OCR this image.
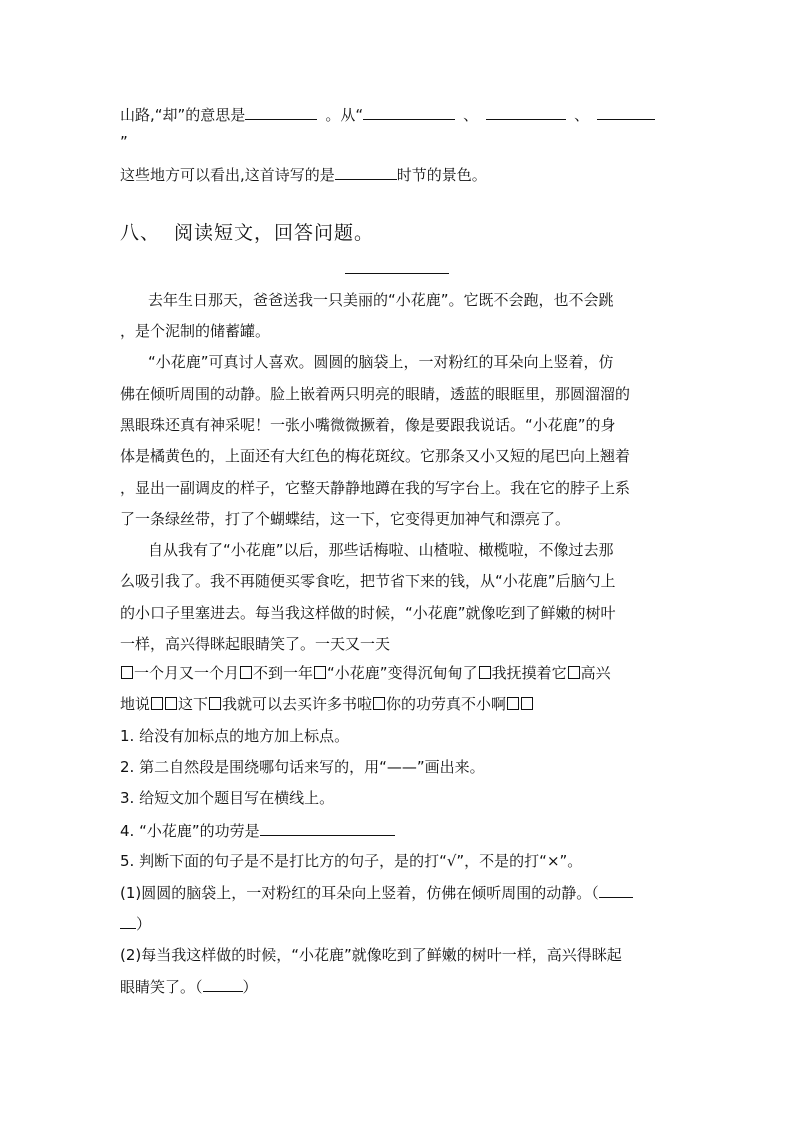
山路,“却”的意思是	。从“	、	、
”
这些地方可以看出,这首诗写的是	时节的景色。
八、 阅读短文，回答问题。
去年生日那天，爸爸送我一只美丽的“小花鹿”。它既不会跑，也不会跳
，是个泥制的储蓄罐。
“小花鹿”可真讨人喜欢。圆圆的脑袋上，一对粉红的耳朵向上竖着，仿
佛在倾听周围的动静。脸上嵌着两只明亮的眼睛，透蓝的眼眶里，那圆溜溜的
黑眼珠还真有神采呢！一张小嘴微微撅着，像是要跟我说话。“小花鹿”的身
体是橘黄色的，上面还有大红色的梅花斑纹。它那条又小又短的尾巴向上翘着
，显出一副调皮的样子，它整天静静地蹲在我的写字台上。我在它的脖子上系
了一条绿丝带，打了个蝴蝶结，这一下，它变得更加神气和漂亮了。
自从我有了“小花鹿”以后，那些话梅啦、山楂啦、橄榄啦，不像过去那
么吸引我了。我不再随便买零食吃，把节省下来的钱，从“小花鹿”后脑勺上
的小口子里塞进去。每当我这样做的时候，“小花鹿”就像吃到了鲜嫩的树叶
一样，高兴得眯起眼睛笑了。一天又一天
一个月又一个月 不到一年 “小花鹿”变得沉甸甸了 我抚摸着它 高兴
地说 这下 我就可以去买许多书啦 你的功劳真不小啊
1. 给没有加标点的地方加上标点。
2. 第二自然段是围绕哪句话来写的，用“——”画出来。
3. 给短文加个题目写在横线上。
4. “小花鹿”的功劳是
5. 判断下面的句子是不是打比方的句子，是的打“√”，不是的打“×”。
(1)圆圆的脑袋上，一对粉红的耳朵向上竖着，仿佛在倾听周围的动静。（
）
(2)每当我这样做的时候，“小花鹿”就像吃到了鲜嫩的树叶一样，高兴得眯起
眼睛笑了。（	）
